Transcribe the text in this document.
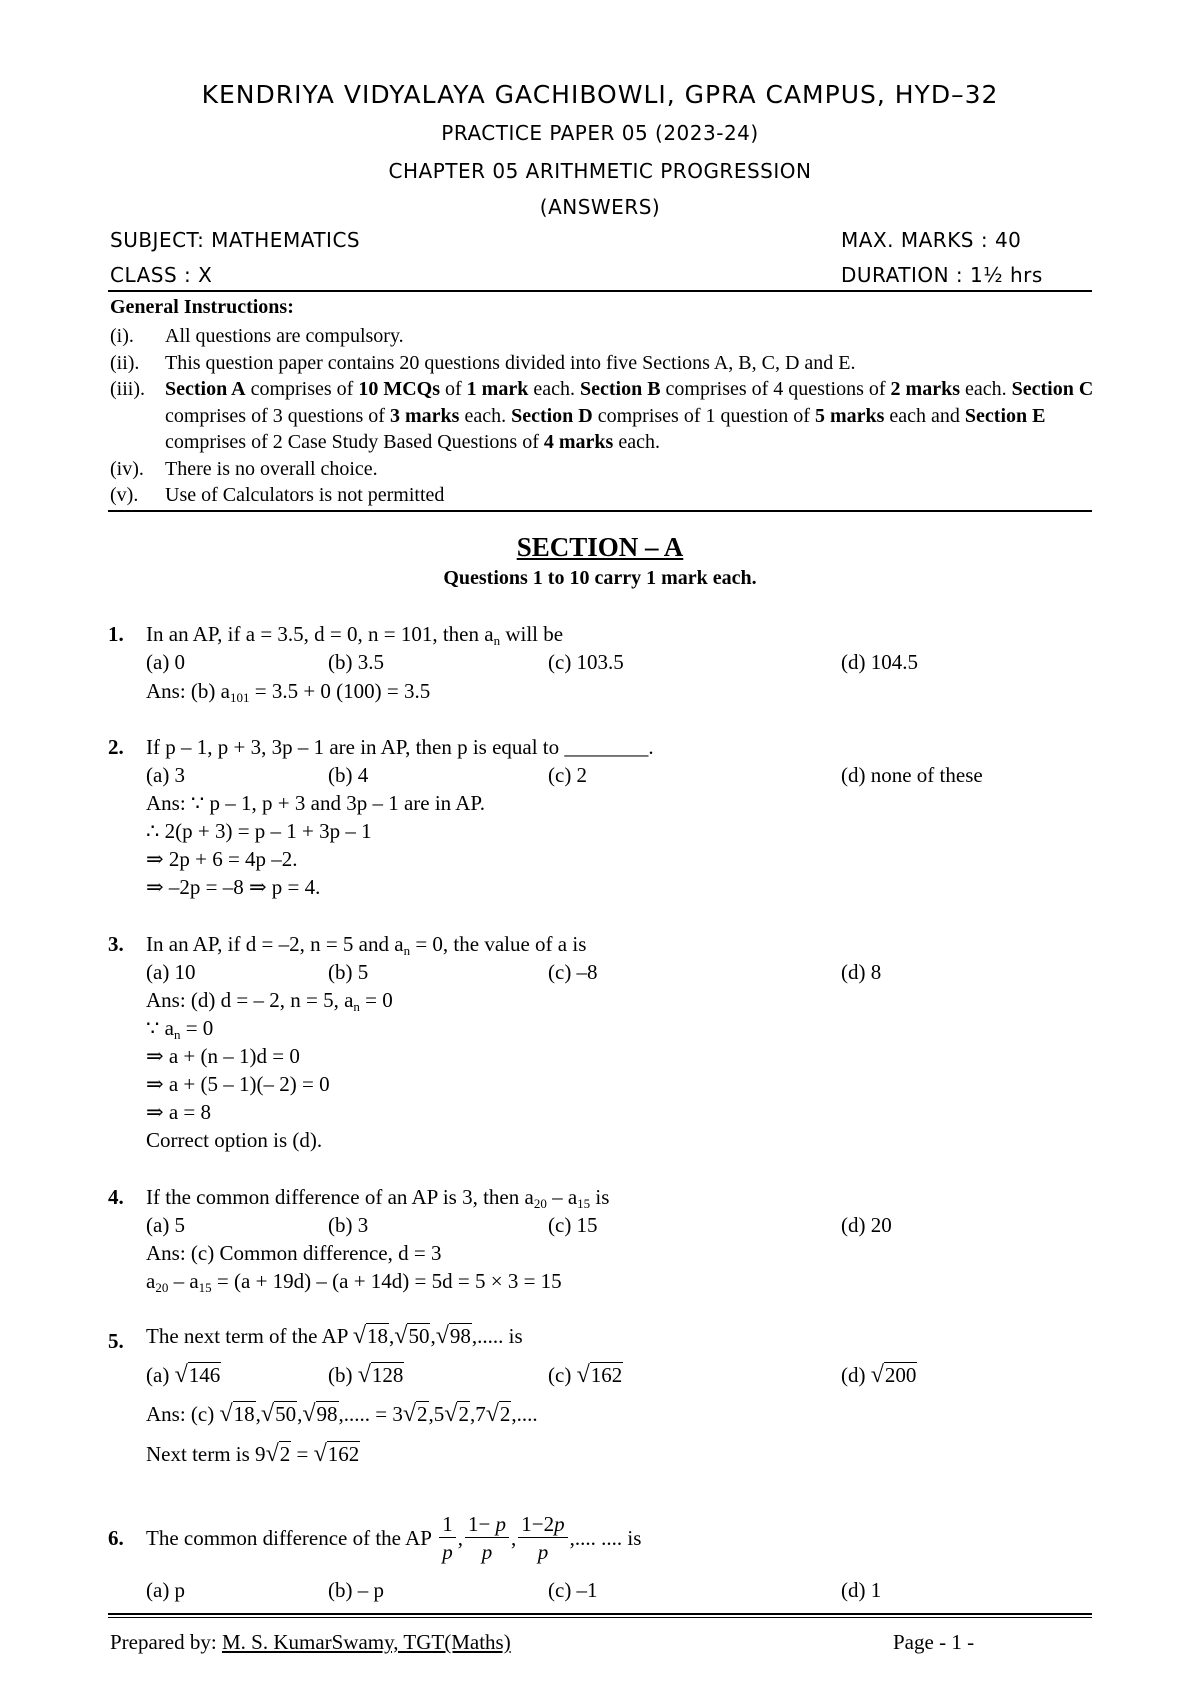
KENDRIYA VIDYALAYA GACHIBOWLI, GPRA CAMPUS, HYD–32
PRACTICE PAPER 05 (2023-24)
CHAPTER 05 ARITHMETIC PROGRESSION
(ANSWERS)
SUBJECT: MATHEMATICS	MAX. MARKS : 40
CLASS : X	DURATION : 1½ hrs
General Instructions:
(i).	All questions are compulsory.
(ii).	This question paper contains 20 questions divided into five Sections A, B, C, D and E.
(iii).	Section A comprises of 10 MCQs of 1 mark each. Section B comprises of 4 questions of 2 marks each. Section C comprises of 3 questions of 3 marks each. Section D comprises of 1 question of 5 marks each and Section E comprises of 2 Case Study Based Questions of 4 marks each.
(iv).	There is no overall choice.
(v).	Use of Calculators is not permitted
SECTION – A
Questions 1 to 10 carry 1 mark each.
1. In an AP, if a = 3.5, d = 0, n = 101, then $a_n$ will be
(a) 0	(b) 3.5	(c) 103.5	(d) 104.5
Ans: (b) $a_{101} = 3.5 + 0$ (100) = 3.5
2. If p – 1, p + 3, 3p – 1 are in AP, then p is equal to ________.
(a) 3	(b) 4	(c) 2	(d) none of these
Ans: ∵ p – 1, p + 3 and 3p – 1 are in AP.
∴ 2(p + 3) = p – 1 + 3p – 1
⇒ 2p + 6 = 4p –2.
⇒ –2p = –8 ⇒ p = 4.
3. In an AP, if d = –2, n = 5 and $a_n = 0$, the value of a is
(a) 10	(b) 5	(c) –8	(d) 8
Ans: (d) d = – 2, n = 5, $a_n = 0$
∵ $a_n = 0$
⇒ a + (n – 1)d = 0
⇒ a + (5 – 1)(– 2) = 0
⇒ a = 8
Correct option is (d).
4. If the common difference of an AP is 3, then $a_{20} - a_{15}$ is
(a) 5	(b) 3	(c) 15	(d) 20
Ans: (c) Common difference, d = 3
$a_{20} - a_{15} = (a + 19d) - (a + 14d) = 5d = 5 \times 3 = 15$
5. The next term of the AP √18,√50,√98,..... is
(a) √146	(b) √128	(c) √162	(d) √200
Ans: (c) √18,√50,√98,..... = 3√2,5√2,7√2,....
Next term is 9√2 = √162
6. The common difference of the AP
$\frac{1}{p}$ , $\frac{1- p}{p}$ , $\frac{1-2p}{p}$ ,.... .... is
(a) p	(b) – p	(c) –1	(d) 1
Prepared by: M. S. KumarSwamy, TGT(Maths)	Page - 1 -
